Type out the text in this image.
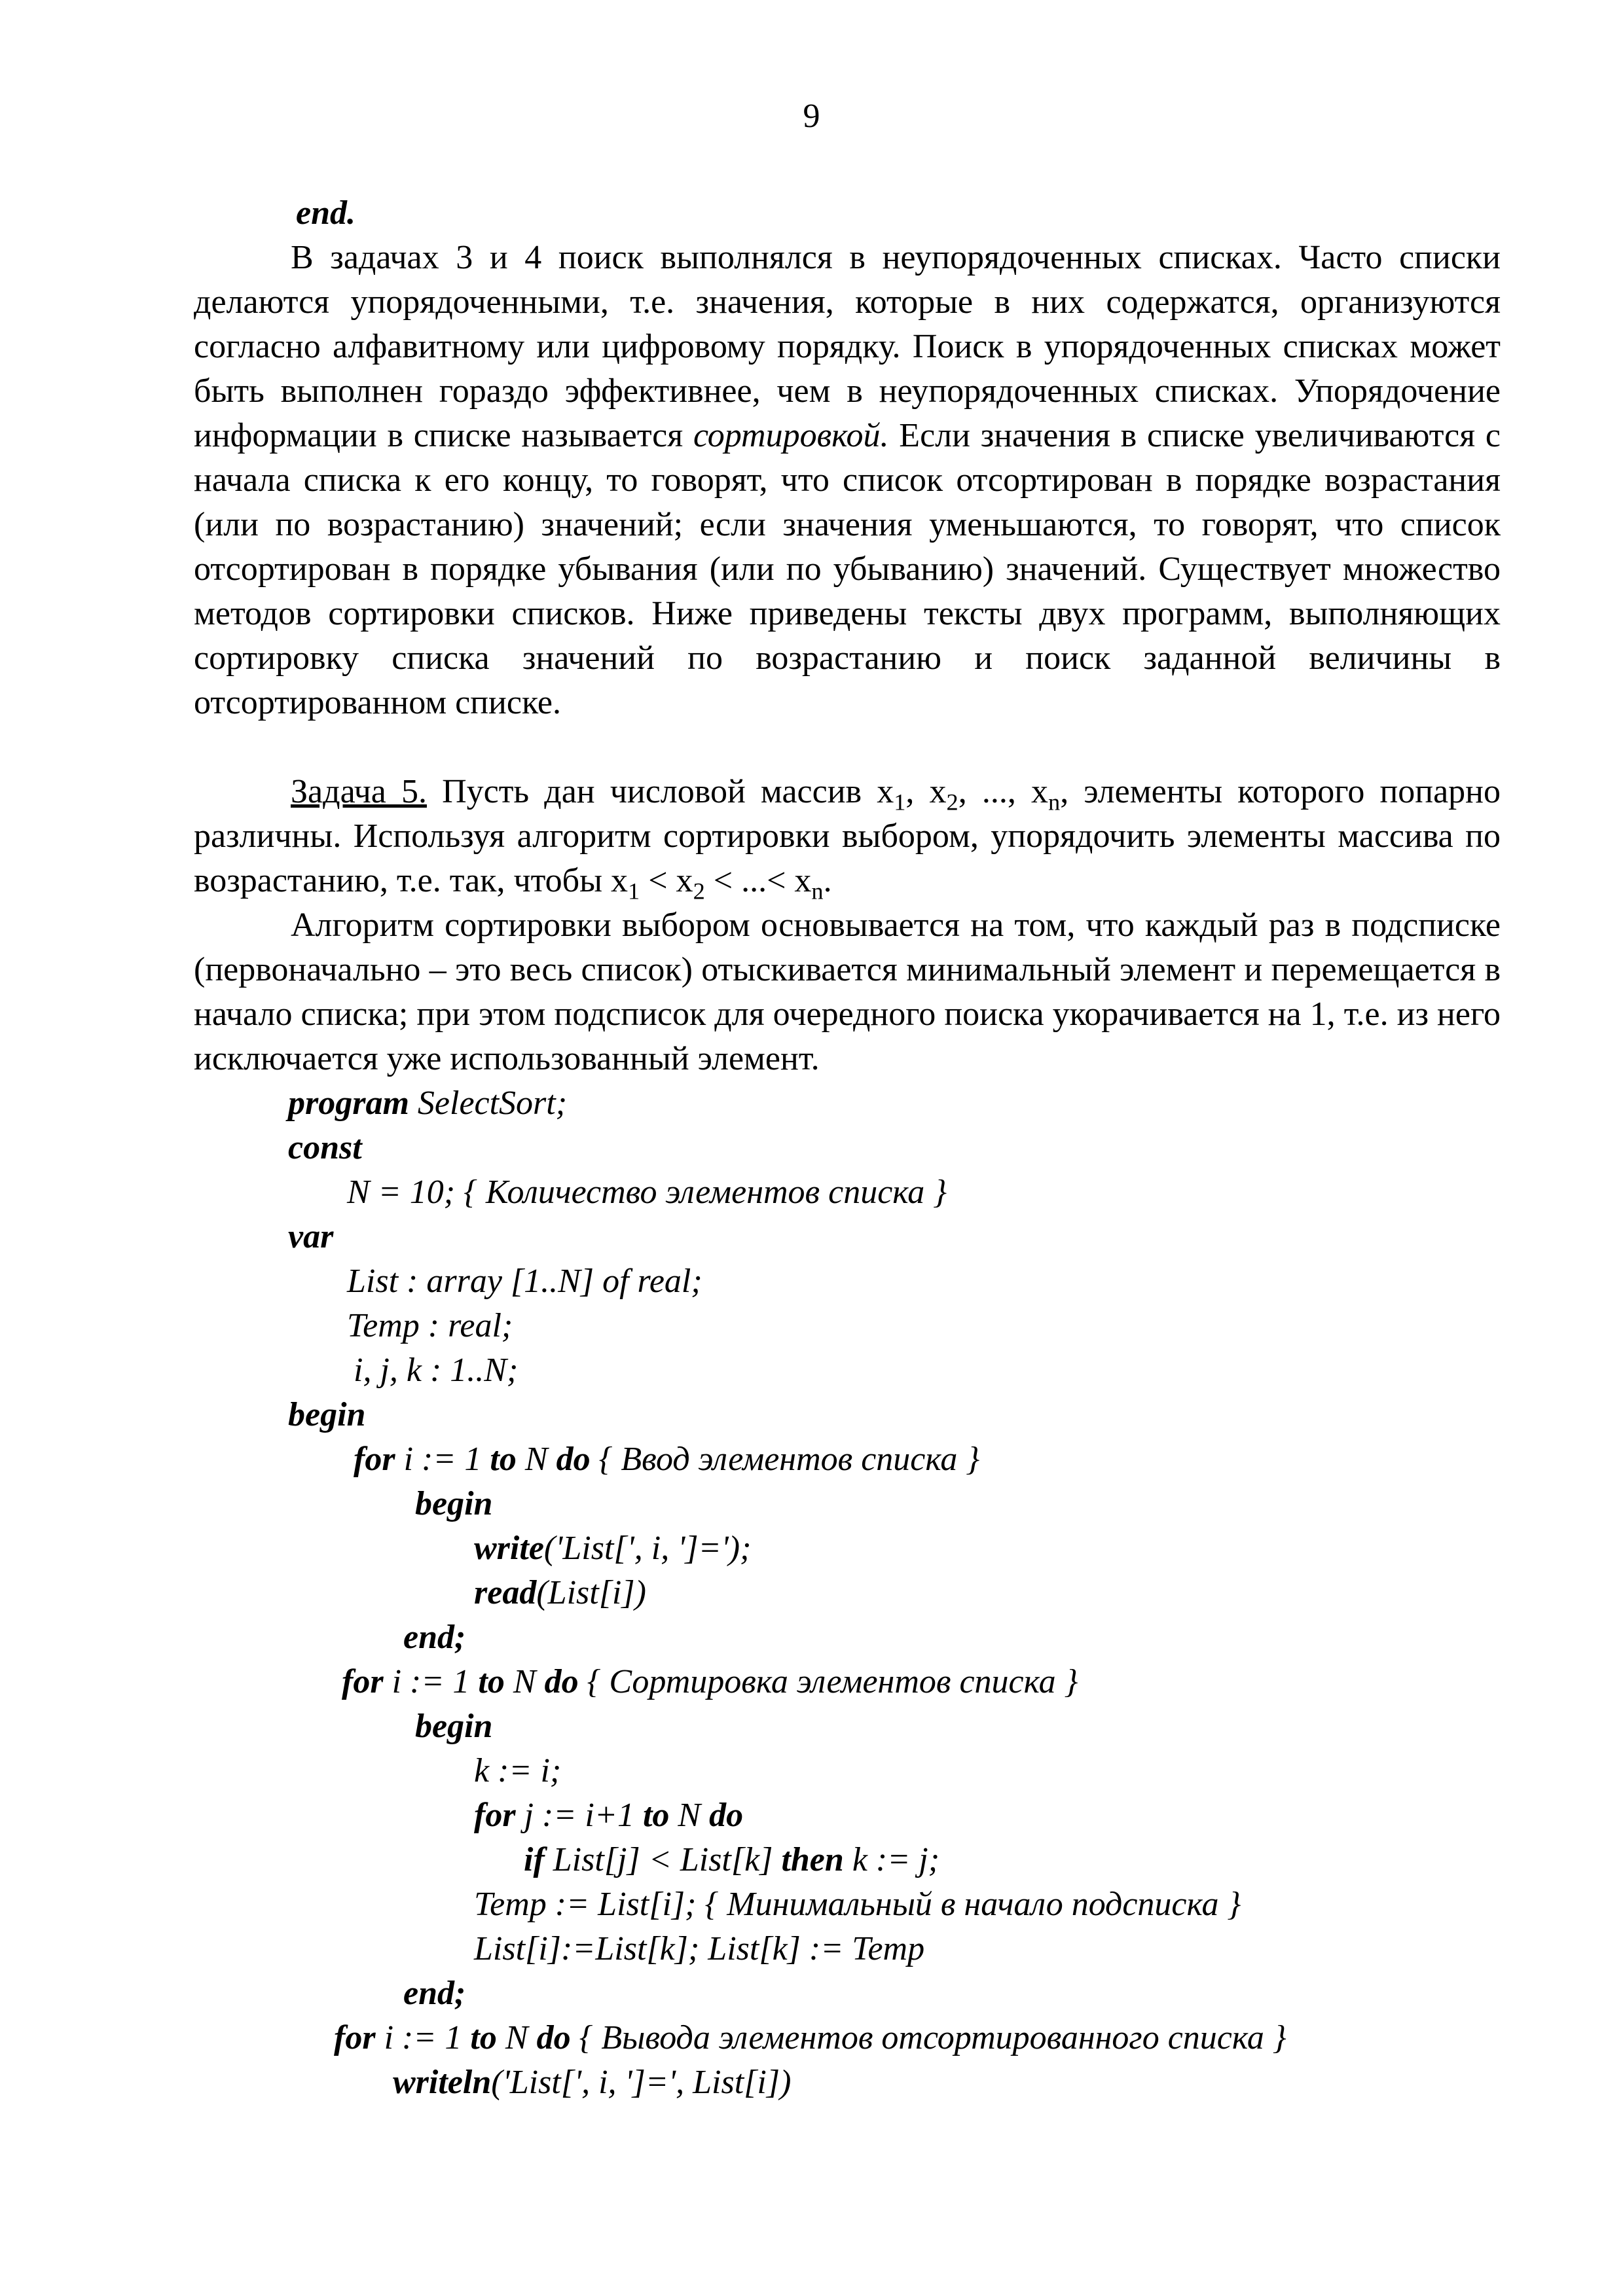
9
end.

В задачах 3 и 4 поиск выполнялся в неупорядоченных списках. Часто списки делаются упорядоченными, т.е. значения, которые в них содержатся, организуются согласно алфавитному или цифровому порядку. Поиск в упорядоченных списках может быть выполнен гораздо эффективнее, чем в неупорядоченных списках. Упорядочение информации в списке называется сортировкой. Если значения в списке увеличиваются с начала списка к его концу, то говорят, что список отсортирован в порядке возрастания (или по возрастанию) значений; если значения уменьшаются, то говорят, что список отсортирован в порядке убывания (или по убыванию) значений. Существует множество методов сортировки списков. Ниже приведены тексты двух программ, выполняющих сортировку списка значений по возрастанию и поиск заданной величины в отсортированном списке.

Задача 5. Пусть дан числовой массив $x_1$, $x_2$, ..., $x_n$, элементы которого попарно различны. Используя алгоритм сортировки выбором, упорядочить элементы массива по возрастанию, т.е. так, чтобы $x_1 < x_2$ < ...< $x_n$.

Алгоритм сортировки выбором основывается на том, что каждый раз в подсписке (первоначально – это весь список) отыскивается минимальный элемент и перемещается в начало списка; при этом подсписок для очередного поиска укорачивается на 1, т.е. из него исключается уже использованный элемент.

program SelectSort;
const
N = 10; { Количество элементов списка }
var
List : array [1..N] of real;
Temp : real;
i, j, k : 1..N;
begin
for i := 1 to N do { Ввод элементов списка }
begin
write('List[', i, ']=');
read(List[i])
end;
for i := 1 to N do { Сортировка элементов списка }
begin
k := i;
for j := i+1 to N do
if List[j] < List[k] then k := j;
Temp := List[i]; { Минимальный в начало подсписка }
List[i]:=List[k]; List[k] := Temp
end;
for i := 1 to N do { Вывода элементов отсортированного списка }
writeln('List[', i, ']=', List[i])
